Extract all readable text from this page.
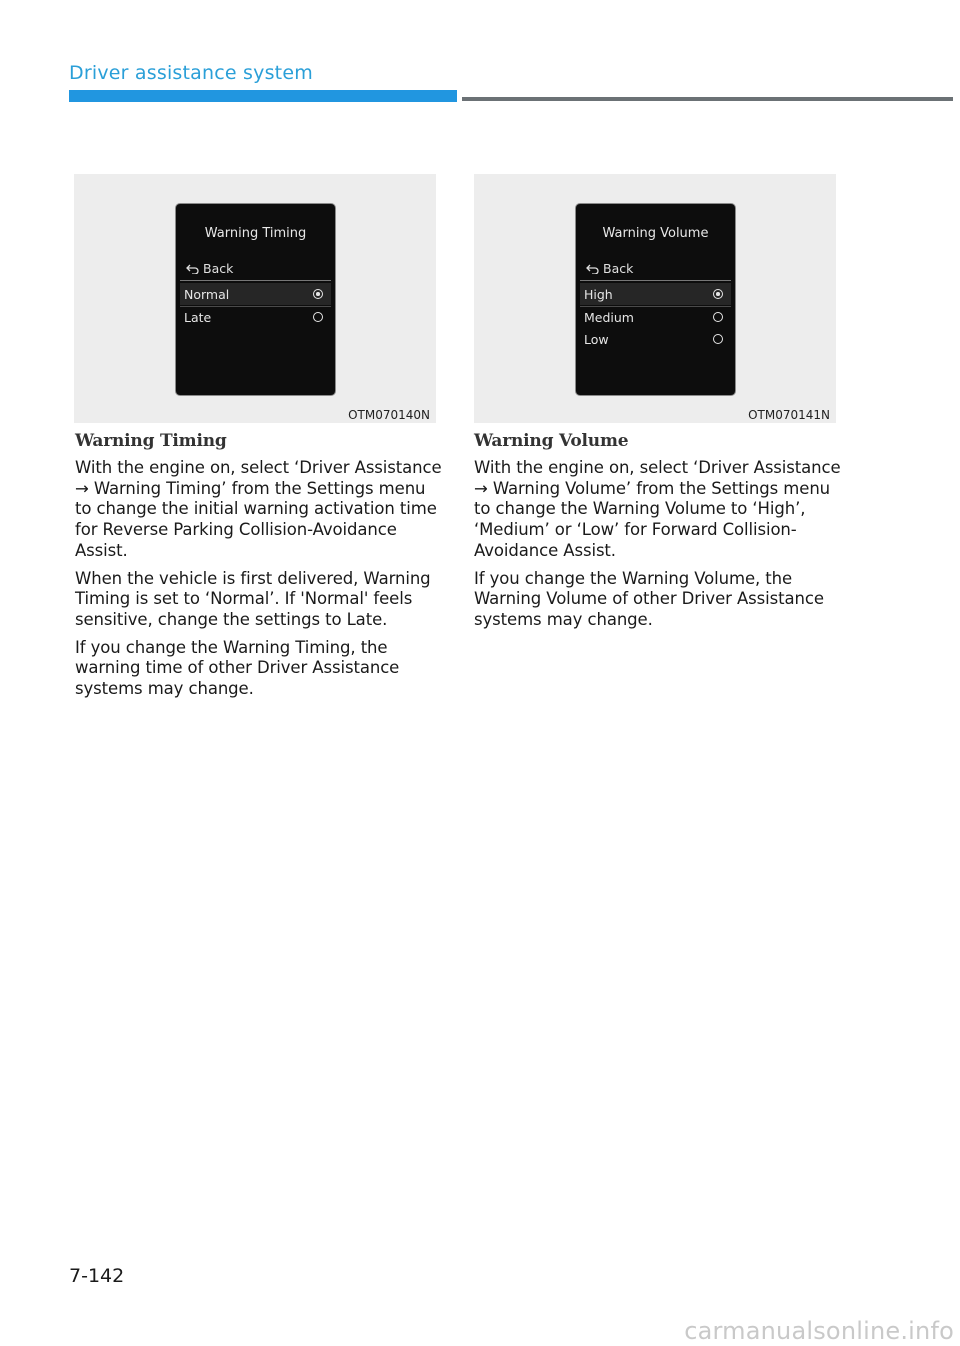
Driver assistance system
Warning Timing
Back
Normal
Late
OTM070140N
Warning Volume
Back
High
Medium
Low
OTM070141N
Warning Timing

With the engine on, select ‘Driver Assistance → Warning Timing’ from the Settings menu to change the initial warning activation time for Reverse Parking Collision-Avoidance Assist.

When the vehicle is first delivered, Warning Timing is set to ‘Normal’. If 'Normal' feels sensitive, change the settings to Late.

If you change the Warning Timing, the warning time of other Driver Assistance systems may change.

Warning Volume

With the engine on, select ‘Driver Assistance → Warning Volume’ from the Settings menu to change the Warning Volume to ‘High’, ‘Medium’ or ‘Low’ for Forward Collision-Avoidance Assist.

If you change the Warning Volume, the Warning Volume of other Driver Assistance systems may change.

7-142
carmanualsonline.info
